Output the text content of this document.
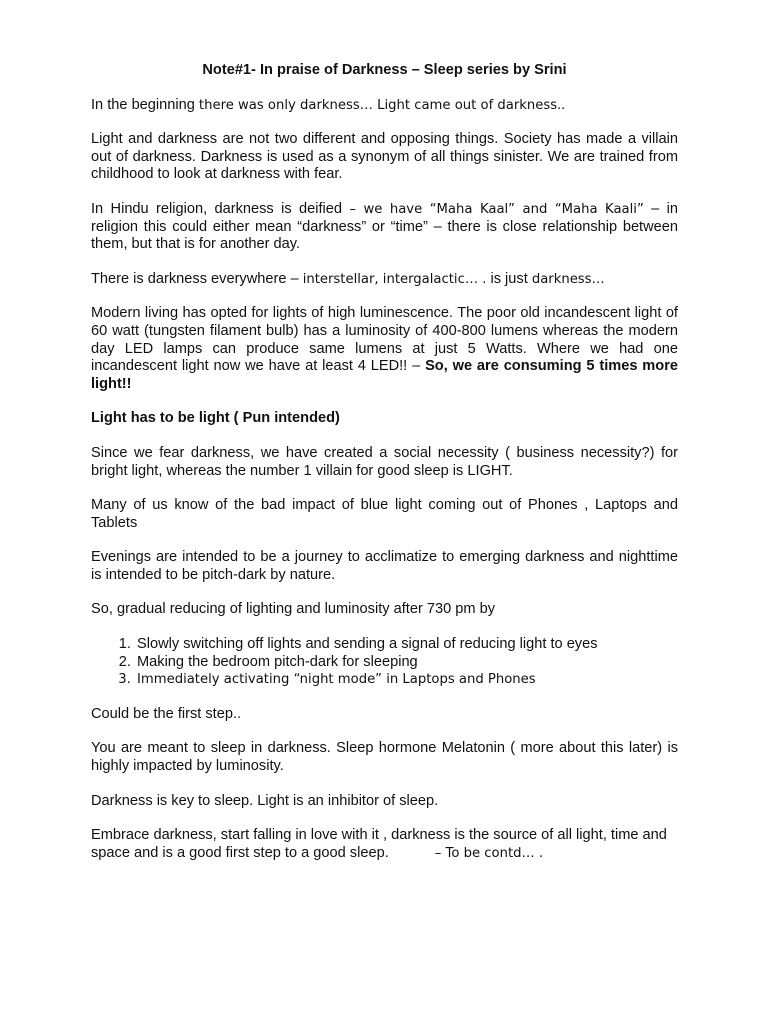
Note#1- In praise of Darkness – Sleep series by Srini

In the beginning there was only darkness… Light came out of darkness..

Light and darkness are not two different and opposing things. Society has made a villain out of darkness. Darkness is used as a synonym of all things sinister. We are trained from childhood to look at darkness with fear.

In Hindu religion, darkness is deified – we have “Maha Kaal” and “Maha Kaali” – in religion this could either mean “darkness” or “time” – there is close relationship between them, but that is for another day.

There is darkness everywhere – interstellar, intergalactic… . is just darkness…

Modern living has opted for lights of high luminescence. The poor old incandescent light of 60 watt (tungsten filament bulb) has a luminosity of 400-800 lumens whereas the modern day LED lamps can produce same lumens at just 5 Watts. Where we had one incandescent light now we have at least 4 LED!! – So, we are consuming 5 times more light!!

Light has to be light ( Pun intended)

Since we fear darkness, we have created a social necessity ( business necessity?) for bright light, whereas the number 1 villain for good sleep is LIGHT.

Many of us know of the bad impact of blue light coming out of Phones , Laptops and Tablets

Evenings are intended to be a journey to acclimatize to emerging darkness and nighttime is intended to be pitch-dark by nature.

So, gradual reducing of lighting and luminosity after 730 pm by

1. Slowly switching off lights and sending a signal of reducing light to eyes
2. Making the bedroom pitch-dark for sleeping
3. Immediately activating “night mode” in Laptops and Phones

Could be the first step..

You are meant to sleep in darkness. Sleep hormone Melatonin ( more about this later) is highly impacted by luminosity.

Darkness is key to sleep. Light is an inhibitor of sleep.

Embrace darkness, start falling in love with it , darkness is the source of all light, time and space and is a good first step to a good sleep.	– To be contd… .
